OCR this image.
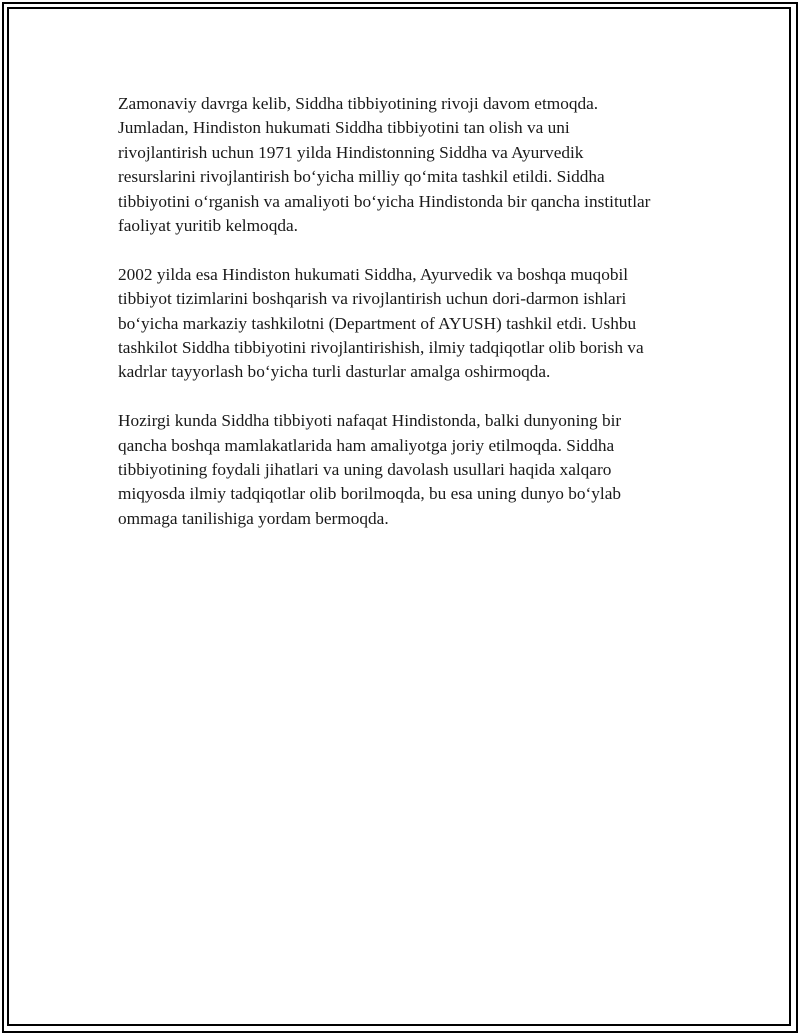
Zamonaviy davrga kelib, Siddha tibbiyotining rivoji davom etmoqda.
Jumladan, Hindiston hukumati Siddha tibbiyotini tan olish va uni
rivojlantirish uchun 1971 yilda Hindistonning Siddha va Ayurvedik
resurslarini rivojlantirish bo‘yicha milliy qo‘mita tashkil etildi. Siddha
tibbiyotini o‘rganish va amaliyoti bo‘yicha Hindistonda bir qancha institutlar
faoliyat yuritib kelmoqda.

2002 yilda esa Hindiston hukumati Siddha, Ayurvedik va boshqa muqobil
tibbiyot tizimlarini boshqarish va rivojlantirish uchun dori-darmon ishlari
bo‘yicha markaziy tashkilotni (Department of AYUSH) tashkil etdi. Ushbu
tashkilot Siddha tibbiyotini rivojlantirishish, ilmiy tadqiqotlar olib borish va
kadrlar tayyorlash bo‘yicha turli dasturlar amalga oshirmoqda.

Hozirgi kunda Siddha tibbiyoti nafaqat Hindistonda, balki dunyoning bir
qancha boshqa mamlakatlarida ham amaliyotga joriy etilmoqda. Siddha
tibbiyotining foydali jihatlari va uning davolash usullari haqida xalqaro
miqyosda ilmiy tadqiqotlar olib borilmoqda, bu esa uning dunyo bo‘ylab
ommaga tanilishiga yordam bermoqda.
